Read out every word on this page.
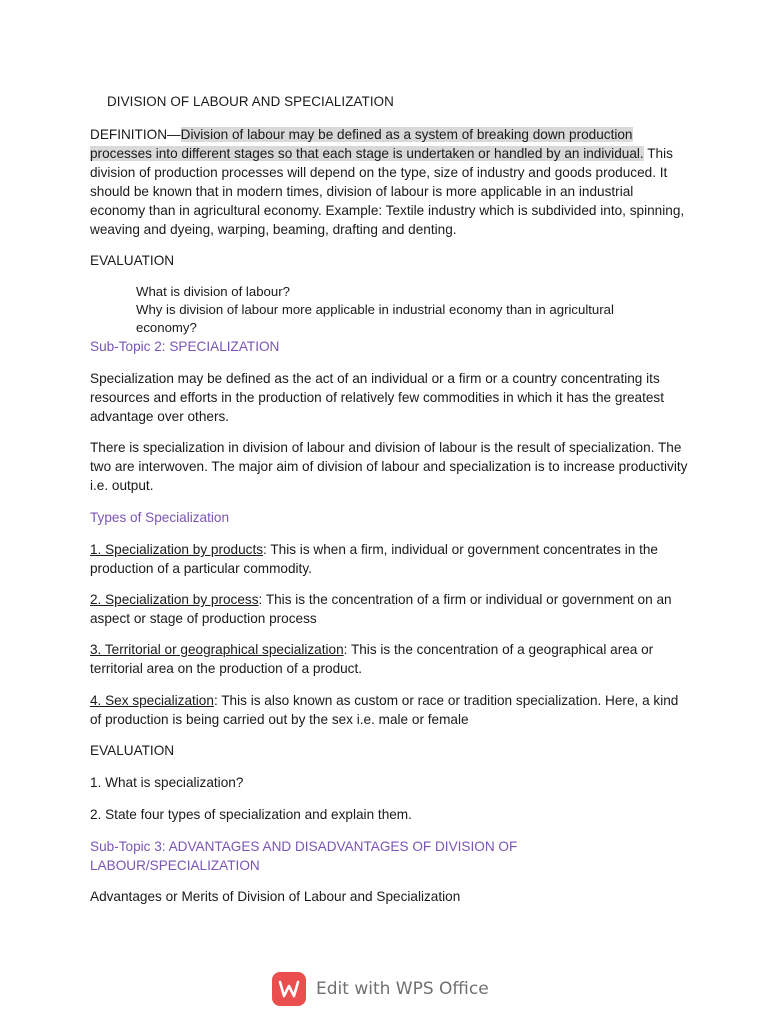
DIVISION OF LABOUR AND SPECIALIZATION

DEFINITION—Division of labour may be defined as a system of breaking down production processes into different stages so that each stage is undertaken or handled by an individual. This division of production processes will depend on the type, size of industry and goods produced. It should be known that in modern times, division of labour is more applicable in an industrial economy than in agricultural economy. Example: Textile industry which is subdivided into, spinning, weaving and dyeing, warping, beaming, drafting and denting.

EVALUATION

What is division of labour?

Why is division of labour more applicable in industrial economy than in agricultural economy?

Sub-Topic 2: SPECIALIZATION

Specialization may be defined as the act of an individual or a firm or a country concentrating its resources and efforts in the production of relatively few commodities in which it has the greatest advantage over others.

There is specialization in division of labour and division of labour is the result of specialization. The two are interwoven. The major aim of division of labour and specialization is to increase productivity i.e. output.

Types of Specialization

1. Specialization by products: This is when a firm, individual or government concentrates in the production of a particular commodity.

2. Specialization by process: This is the concentration of a firm or individual or government on an aspect or stage of production process

3. Territorial or geographical specialization: This is the concentration of a geographical area or territorial area on the production of a product.

4. Sex specialization: This is also known as custom or race or tradition specialization. Here, a kind of production is being carried out by the sex i.e. male or female

EVALUATION

1. What is specialization?

2. State four types of specialization and explain them.

Sub-Topic 3: ADVANTAGES AND DISADVANTAGES OF DIVISION OF LABOUR/SPECIALIZATION

Advantages or Merits of Division of Labour and Specialization

Edit with WPS Office
